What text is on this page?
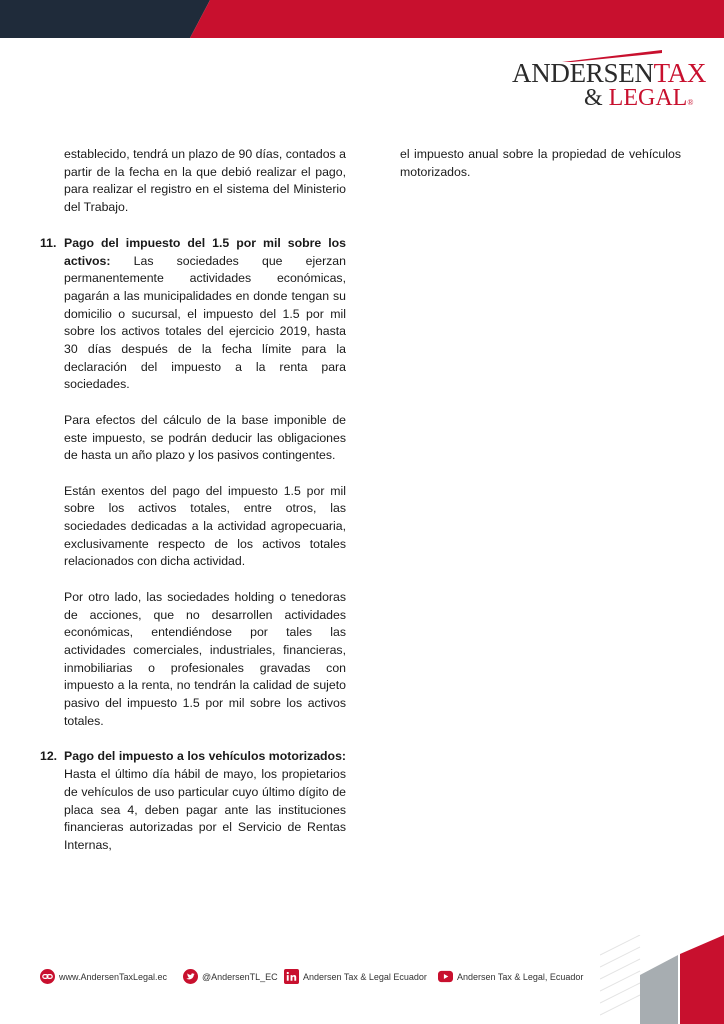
ANDERSENTAX
& LEGAL®

establecido, tendrá un plazo de 90 días, contados a partir de la fecha en la que debió realizar el pago, para realizar el registro en el sistema del Ministerio del Trabajo.

11. Pago del impuesto del 1.5 por mil sobre los activos: Las sociedades que ejerzan permanentemente actividades económicas, pagarán a las municipalidades en donde tengan su domicilio o sucursal, el impuesto del 1.5 por mil sobre los activos totales del ejercicio 2019, hasta 30 días después de la fecha límite para la declaración del impuesto a la renta para sociedades.

Para efectos del cálculo de la base imponible de este impuesto, se podrán deducir las obligaciones de hasta un año plazo y los pasivos contingentes.

Están exentos del pago del impuesto 1.5 por mil sobre los activos totales, entre otros, las sociedades dedicadas a la actividad agropecuaria, exclusivamente respecto de los activos totales relacionados con dicha actividad.

Por otro lado, las sociedades holding o tenedoras de acciones, que no desarrollen actividades económicas, entendiéndose por tales las actividades comerciales, industriales, financieras, inmobiliarias o profesionales gravadas con impuesto a la renta, no tendrán la calidad de sujeto pasivo del impuesto 1.5 por mil sobre los activos totales.

12. Pago del impuesto a los vehículos motorizados: Hasta el último día hábil de mayo, los propietarios de vehículos de uso particular cuyo último dígito de placa sea 4, deben pagar ante las instituciones financieras autorizadas por el Servicio de Rentas Internas,

el impuesto anual sobre la propiedad de vehículos motorizados.

www.AndersenTaxLegal.ec	@AndersenTL_EC	Andersen Tax & Legal Ecuador	Andersen Tax & Legal, Ecuador
